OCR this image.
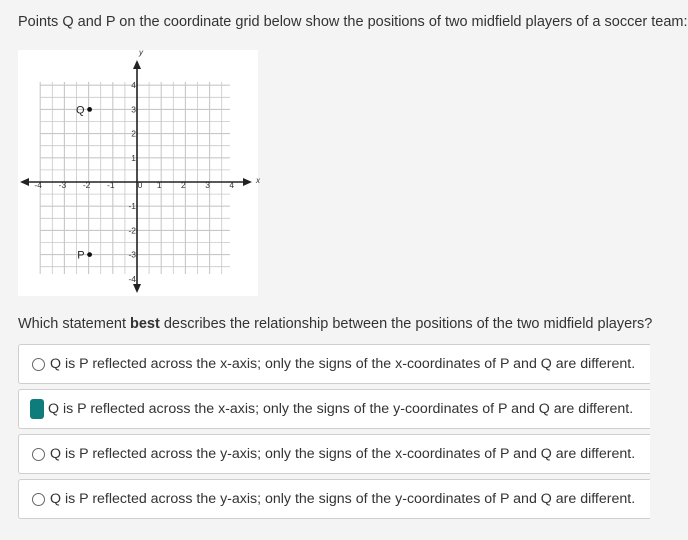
Points Q and P on the coordinate grid below show the positions of two midfield players of a soccer team:
x
y
-4 -3 -2 -1	0 1 2 3 4
4
3
2
1
-1
-2
-3
-4
Q
P
Which statement best describes the relationship between the positions of the two midfield players?
Q is P reflected across the x-axis; only the signs of the x-coordinates of P and Q are different.
Q is P reflected across the x-axis; only the signs of the y-coordinates of P and Q are different.
Q is P reflected across the y-axis; only the signs of the x-coordinates of P and Q are different.
Q is P reflected across the y-axis; only the signs of the y-coordinates of P and Q are different.
